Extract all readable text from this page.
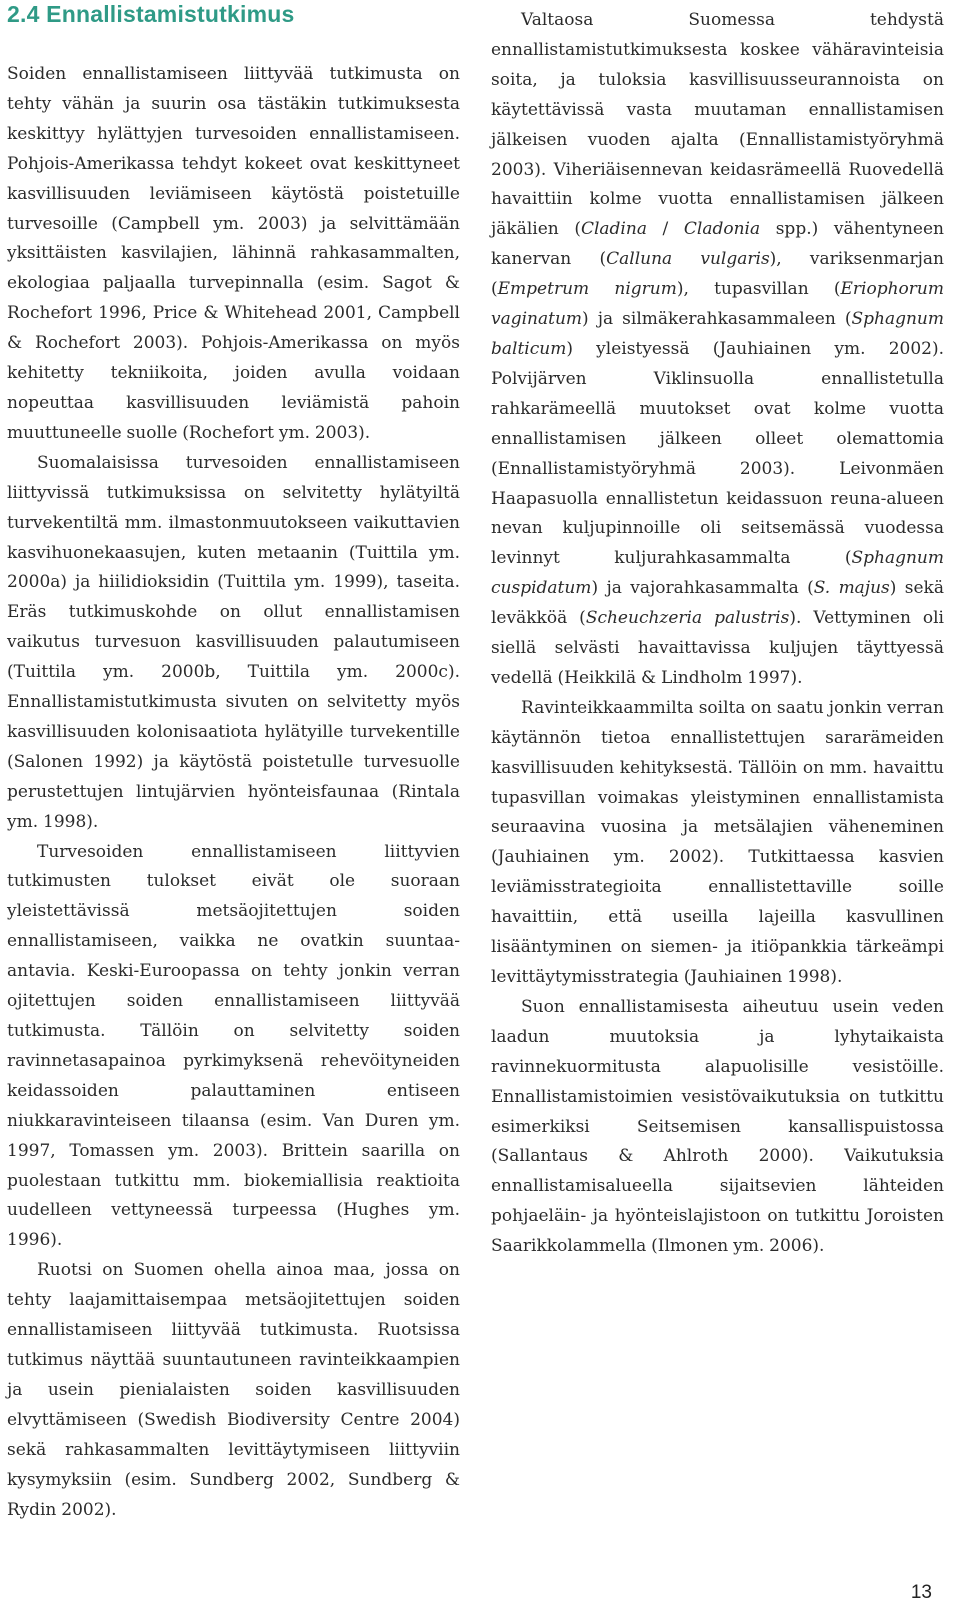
2.4 Ennallistamistutkimus

Soiden ennallistamiseen liittyvää tutkimusta on tehty vähän ja suurin osa tästäkin tutkimuksesta keskittyy hylättyjen turvesoiden ennallistamiseen. Pohjois-Amerikassa tehdyt kokeet ovat keskittyneet kasvillisuuden leviämiseen käytöstä poistetuille turvesoille (Campbell ym. 2003) ja selvittämään yksittäisten kasvilajien, lähinnä rahkasammalten, ekologiaa paljaalla turvepinnalla (esim. Sagot & Rochefort 1996, Price & Whitehead 2001, Campbell & Rochefort 2003). Pohjois-Amerikassa on myös kehitetty tekniikoita, joiden avulla voidaan nopeuttaa kasvillisuuden leviämistä pahoin muuttuneelle suolle (Rochefort ym. 2003).

Suomalaisissa turvesoiden ennallistamiseen liittyvissä tutkimuksissa on selvitetty hylätyiltä turvekentiltä mm. ilmastonmuutokseen vaikuttavien kasvihuonekaasujen, kuten metaanin (Tuittila ym. 2000a) ja hiilidioksidin (Tuittila ym. 1999), taseita. Eräs tutkimuskohde on ollut ennallistamisen vaikutus turvesuon kasvillisuuden palautumiseen (Tuittila ym. 2000b, Tuittila ym. 2000c). Ennallistamistutkimusta sivuten on selvitetty myös kasvillisuuden kolonisaatiota hylätyille turvekentille (Salonen 1992) ja käytöstä poistetulle turvesuolle perustettujen lintujärvien hyönteisfaunaa (Rintala ym. 1998).

Turvesoiden ennallistamiseen liittyvien tutkimusten tulokset eivät ole suoraan yleistettävissä metsäojitettujen soiden ennallistamiseen, vaikka ne ovatkin suuntaa-antavia. Keski-Euroopassa on tehty jonkin verran ojitettujen soiden ennallistamiseen liittyvää tutkimusta. Tällöin on selvitetty soiden ravinnetasapainoa pyrkimyksenä rehevöityneiden keidassoiden palauttaminen entiseen niukkaravinteiseen tilaansa (esim. Van Duren ym. 1997, Tomassen ym. 2003). Brittein saarilla on puolestaan tutkittu mm. biokemiallisia reaktioita uudelleen vettyneessä turpeessa (Hughes ym. 1996).

Ruotsi on Suomen ohella ainoa maa, jossa on tehty laajamittaisempaa metsäojitettujen soiden ennallistamiseen liittyvää tutkimusta. Ruotsissa tutkimus näyttää suuntautuneen ravinteikkaampien ja usein pienialaisten soiden kasvillisuuden elvyttämiseen (Swedish Biodiversity Centre 2004) sekä rahkasammalten levittäytymiseen liittyviin kysymyksiin (esim. Sundberg 2002, Sundberg & Rydin 2002).

Valtaosa Suomessa tehdystä ennallistamistutkimuksesta koskee vähäravinteisia soita, ja tuloksia kasvillisuusseurannoista on käytettävissä vasta muutaman ennallistamisen jälkeisen vuoden ajalta (Ennallistamistyöryhmä 2003). Viheriäisennevan keidasrämeellä Ruovedellä havaittiin kolme vuotta ennallistamisen jälkeen jäkälien (Cladina / Cladonia spp.) vähentyneen kanervan (Calluna vulgaris), variksenmarjan (Empetrum nigrum), tupasvillan (Eriophorum vaginatum) ja silmäkerahkasammaleen (Sphagnum balticum) yleistyessä (Jauhiainen ym. 2002). Polvijärven Viklinsuolla ennallistetulla rahkarämeellä muutokset ovat kolme vuotta ennallistamisen jälkeen olleet olemattomia (Ennallistamistyöryhmä 2003). Leivonmäen Haapasuolla ennallistetun keidassuon reuna-alueen nevan kuljupinnoille oli seitsemässä vuodessa levinnyt kuljurahkasammalta (Sphagnum cuspidatum) ja vajorahkasammalta (S. majus) sekä leväkköä (Scheuchzeria palustris). Vettyminen oli siellä selvästi havaittavissa kuljujen täyttyessä vedellä (Heikkilä & Lindholm 1997).

Ravinteikkaammilta soilta on saatu jonkin verran käytännön tietoa ennallistettujen sararämeiden kasvillisuuden kehityksestä. Tällöin on mm. havaittu tupasvillan voimakas yleistyminen ennallistamista seuraavina vuosina ja metsälajien väheneminen (Jauhiainen ym. 2002). Tutkittaessa kasvien leviämisstrategioita ennallistettaville soille havaittiin, että useilla lajeilla kasvullinen lisääntyminen on siemen- ja itiöpankkia tärkeämpi levittäytymisstrategia (Jauhiainen 1998).

Suon ennallistamisesta aiheutuu usein veden laadun muutoksia ja lyhytaikaista ravinnekuormitusta alapuolisille vesistöille. Ennallistamistoimien vesistövaikutuksia on tutkittu esimerkiksi Seitsemisen kansallispuistossa (Sallantaus & Ahlroth 2000). Vaikutuksia ennallistamisalueella sijaitsevien lähteiden pohjaeläin- ja hyönteislajistoon on tutkittu Joroisten Saarikkolammella (Ilmonen ym. 2006).

13
